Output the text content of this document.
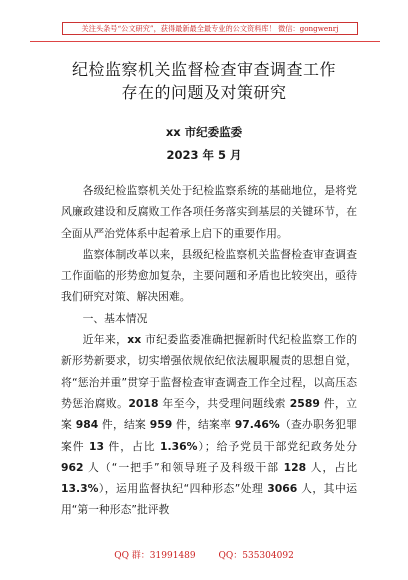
关注头条号“公文研究”，获得最新最全最专业的公文资料库！ 微信：gongwenrj
纪检监察机关监督检查审查调查工作
存在的问题及对策研究
xx 市纪委监委
2023 年 5 月

各级纪检监察机关处于纪检监察系统的基础地位，是将党风廉政建设和反腐败工作各项任务落实到基层的关键环节，在全面从严治党体系中起着承上启下的重要作用。

监察体制改革以来，县级纪检监察机关监督检查审查调查工作面临的形势愈加复杂，主要问题和矛盾也比较突出，亟待我们研究对策、解决困难。

一、基本情况

近年来，xx 市纪委监委准确把握新时代纪检监察工作的新形势新要求，切实增强依规依纪依法履职履责的思想自觉，将“惩治并重”贯穿于监督检查审查调查工作全过程，以高压态势惩治腐败。2018 年至今，共受理问题线索 2589 件，立案 984 件，结案 959 件，结案率 97.46%（查办职务犯罪案件 13 件，占比 1.36%）；给予党员干部党纪政务处分 962 人（“一把手”和领导班子及科级干部 128 人，占比 13.3%），运用监督执纪“四种形态”处理 3066 人，其中运用“第一种形态”批评教

QQ 群：31991489	QQ：535304092
